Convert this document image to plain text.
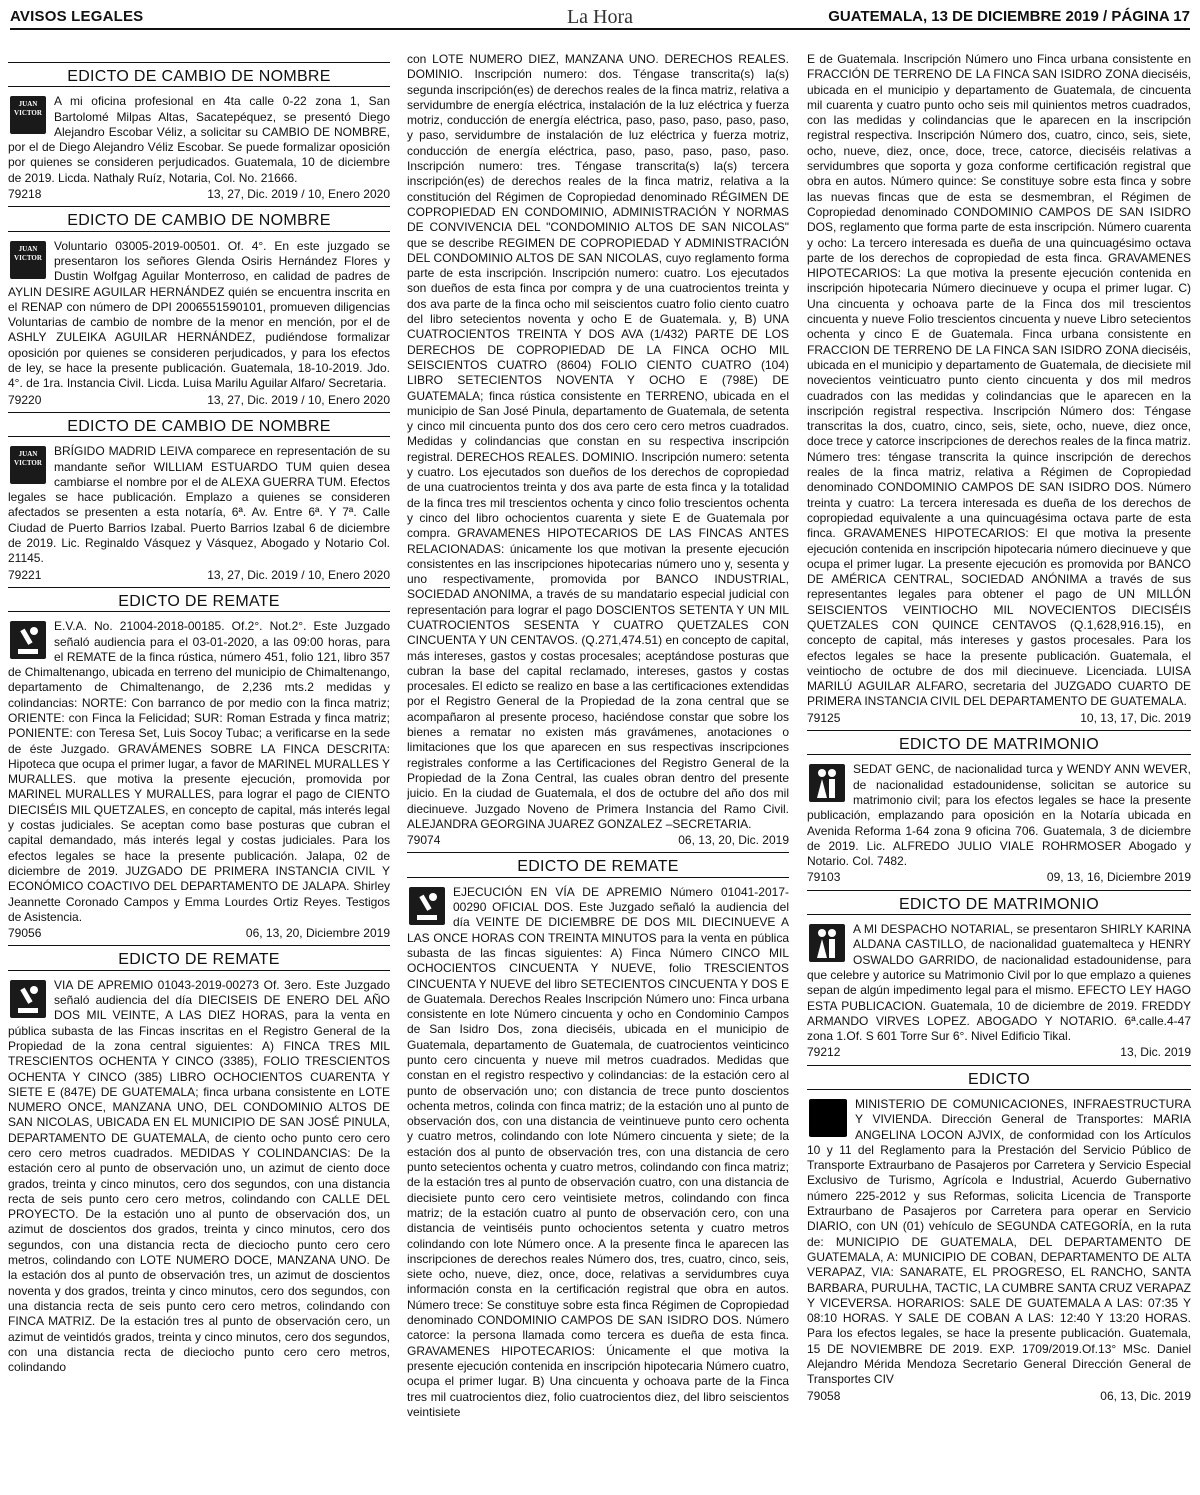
AVISOS LEGALES	La Hora	GUATEMALA, 13 DE DICIEMBRE 2019 / PÁGINA 17
EDICTO DE CAMBIO DE NOMBRE
JUAN
VICTOR

A mi oficina profesional en 4ta calle 0-22 zona 1, San Bartolomé Milpas Altas, Sacatepéquez, se presentó Diego Alejandro Escobar Véliz, a solicitar su CAMBIO DE NOMBRE, por el de Diego Alejandro Véliz Escobar. Se puede formalizar oposición por quienes se consideren perjudicados. Guatemala, 10 de diciembre de 2019. Licda. Nathaly Ruíz, Notaria, Col. No. 21666.

79218	13, 27, Dic. 2019 / 10, Enero 2020
EDICTO DE CAMBIO DE NOMBRE
JUAN
VICTOR

Voluntario 03005-2019-00501. Of. 4°. En este juzgado se presentaron los señores Glenda Osiris Hernández Flores y Dustin Wolfgag Aguilar Monterroso, en calidad de padres de AYLIN DESIRE AGUILAR HERNÁNDEZ quién se encuentra inscrita en el RENAP con número de DPI 2006551590101, promueven diligencias Voluntarias de cambio de nombre de la menor en mención, por el de ASHLY ZULEIKA AGUILAR HERNÁNDEZ, pudiéndose formalizar oposición por quienes se consideren perjudicados, y para los efectos de ley, se hace la presente publicación. Guatemala, 18-10-2019. Jdo. 4°. de 1ra. Instancia Civil. Licda. Luisa Marilu Aguilar Alfaro/ Secretaria.

79220	13, 27, Dic. 2019 / 10, Enero 2020
EDICTO DE CAMBIO DE NOMBRE
JUAN
VICTOR

BRÍGIDO MADRID LEIVA comparece en representación de su mandante señor WILLIAM ESTUARDO TUM quien desea cambiarse el nombre por el de ALEXA GUERRA TUM. Efectos legales se hace publicación. Emplazo a quienes se consideren afectados se presenten a esta notaría, 6ª. Av. Entre 6ª. Y 7ª. Calle Ciudad de Puerto Barrios Izabal. Puerto Barrios Izabal 6 de diciembre de 2019. Lic. Reginaldo Vásquez y Vásquez, Abogado y Notario Col. 21145.

79221	13, 27, Dic. 2019 / 10, Enero 2020
EDICTO DE REMATE

E.V.A. No. 21004-2018-00185. Of.2°. Not.2°. Este Juzgado señaló audiencia para el 03-01-2020, a las 09:00 horas, para el REMATE de la finca rústica, número 451, folio 121, libro 357 de Chimaltenango, ubicada en terreno del municipio de Chimaltenango, departamento de Chimaltenango, de 2,236 mts.2 medidas y colindancias: NORTE: Con barranco de por medio con la finca matriz; ORIENTE: con Finca la Felicidad; SUR: Roman Estrada y finca matriz; PONIENTE: con Teresa Set, Luis Socoy Tubac; a verificarse en la sede de éste Juzgado. GRAVÁMENES SOBRE LA FINCA DESCRITA: Hipoteca que ocupa el primer lugar, a favor de MARINEL MURALLES Y MURALLES. que motiva la presente ejecución, promovida por MARINEL MURALLES Y MURALLES, para lograr el pago de CIENTO DIECISÉIS MIL QUETZALES, en concepto de capital, más interés legal y costas judiciales. Se aceptan como base posturas que cubran el capital demandado, más interés legal y costas judiciales. Para los efectos legales se hace la presente publicación. Jalapa, 02 de diciembre de 2019. JUZGADO DE PRIMERA INSTANCIA CIVIL Y ECONÓMICO COACTIVO DEL DEPARTAMENTO DE JALAPA. Shirley Jeannette Coronado Campos y Emma Lourdes Ortiz Reyes. Testigos de Asistencia.

79056	06, 13, 20, Diciembre 2019
EDICTO DE REMATE

VIA DE APREMIO 01043-2019-00273 Of. 3ero. Este Juzgado señaló audiencia del día DIECISEIS DE ENERO DEL AÑO DOS MIL VEINTE, A LAS DIEZ HORAS, para la venta en pública subasta de las Fincas inscritas en el Registro General de la Propiedad de la zona central siguientes: A) FINCA TRES MIL TRESCIENTOS OCHENTA Y CINCO (3385), FOLIO TRESCIENTOS OCHENTA Y CINCO (385) LIBRO OCHOCIENTOS CUARENTA Y SIETE E (847E) DE GUATEMALA; finca urbana consistente en LOTE NUMERO ONCE, MANZANA UNO, DEL CONDOMINIO ALTOS DE SAN NICOLAS, UBICADA EN EL MUNICIPIO DE SAN JOSÉ PINULA, DEPARTAMENTO DE GUATEMALA, de ciento ocho punto cero cero cero cero metros cuadrados. MEDIDAS Y COLINDANCIAS: De la estación cero al punto de observación uno, un azimut de ciento doce grados, treinta y cinco minutos, cero dos segundos, con una distancia recta de seis punto cero cero metros, colindando con CALLE DEL PROYECTO. De la estación uno al punto de observación dos, un azimut de doscientos dos grados, treinta y cinco minutos, cero dos segundos, con una distancia recta de dieciocho punto cero cero metros, colindando con LOTE NUMERO DOCE, MANZANA UNO. De la estación dos al punto de observación tres, un azimut de doscientos noventa y dos grados, treinta y cinco minutos, cero dos segundos, con una distancia recta de seis punto cero cero metros, colindando con FINCA MATRIZ. De la estación tres al punto de observación cero, un azimut de veintidós grados, treinta y cinco minutos, cero dos segundos, con una distancia recta de dieciocho punto cero cero metros, colindando

con LOTE NUMERO DIEZ, MANZANA UNO. DERECHOS REALES. DOMINIO. Inscripción numero: dos. Téngase transcrita(s) la(s) segunda inscripción(es) de derechos reales de la finca matriz, relativa a servidumbre de energía eléctrica, instalación de la luz eléctrica y fuerza motriz, conducción de energía eléctrica, paso, paso, paso, paso, paso, y paso, servidumbre de instalación de luz eléctrica y fuerza motriz, conducción de energía eléctrica, paso, paso, paso, paso, paso. Inscripción numero: tres. Téngase transcrita(s) la(s) tercera inscripción(es) de derechos reales de la finca matriz, relativa a la constitución del Régimen de Copropiedad denominado RÉGIMEN DE COPROPIEDAD EN CONDOMINIO, ADMINISTRACIÓN Y NORMAS DE CONVIVENCIA DEL "CONDOMINIO ALTOS DE SAN NICOLAS" que se describe REGIMEN DE COPROPIEDAD Y ADMINISTRACIÓN DEL CONDOMINIO ALTOS DE SAN NICOLAS, cuyo reglamento forma parte de esta inscripción. Inscripción numero: cuatro. Los ejecutados son dueños de esta finca por compra y de una cuatrocientos treinta y dos ava parte de la finca ocho mil seiscientos cuatro folio ciento cuatro del libro setecientos noventa y ocho E de Guatemala. y, B) UNA CUATROCIENTOS TREINTA Y DOS AVA (1/432) PARTE DE LOS DERECHOS DE COPROPIEDAD DE LA FINCA OCHO MIL SEISCIENTOS CUATRO (8604) FOLIO CIENTO CUATRO (104) LIBRO SETECIENTOS NOVENTA Y OCHO E (798E) DE GUATEMALA; finca rústica consistente en TERRENO, ubicada en el municipio de San José Pinula, departamento de Guatemala, de setenta y cinco mil cincuenta punto dos dos cero cero cero metros cuadrados. Medidas y colindancias que constan en su respectiva inscripción registral. DERECHOS REALES. DOMINIO. Inscripción numero: setenta y cuatro. Los ejecutados son dueños de los derechos de copropiedad de una cuatrocientos treinta y dos ava parte de esta finca y la totalidad de la finca tres mil trescientos ochenta y cinco folio trescientos ochenta y cinco del libro ochocientos cuarenta y siete E de Guatemala por compra. GRAVAMENES HIPOTECARIOS DE LAS FINCAS ANTES RELACIONADAS: únicamente los que motivan la presente ejecución consistentes en las inscripciones hipotecarias número uno y, sesenta y uno respectivamente, promovida por BANCO INDUSTRIAL, SOCIEDAD ANONIMA, a través de su mandatario especial judicial con representación para lograr el pago DOSCIENTOS SETENTA Y UN MIL CUATROCIENTOS SESENTA Y CUATRO QUETZALES CON CINCUENTA Y UN CENTAVOS. (Q.271,474.51) en concepto de capital, más intereses, gastos y costas procesales; aceptándose posturas que cubran la base del capital reclamado, intereses, gastos y costas procesales. El edicto se realizo en base a las certificaciones extendidas por el Registro General de la Propiedad de la zona central que se acompañaron al presente proceso, haciéndose constar que sobre los bienes a rematar no existen más gravámenes, anotaciones o limitaciones que los que aparecen en sus respectivas inscripciones registrales conforme a las Certificaciones del Registro General de la Propiedad de la Zona Central, las cuales obran dentro del presente juicio. En la ciudad de Guatemala, el dos de octubre del año dos mil diecinueve. Juzgado Noveno de Primera Instancia del Ramo Civil. ALEJANDRA GEORGINA JUAREZ GONZALEZ –SECRETARIA.

79074	06, 13, 20, Dic. 2019
EDICTO DE REMATE

EJECUCIÓN EN VÍA DE APREMIO Número 01041-2017-00290 OFICIAL DOS. Este Juzgado señaló la audiencia del día VEINTE DE DICIEMBRE DE DOS MIL DIECINUEVE A LAS ONCE HORAS CON TREINTA MINUTOS para la venta en pública subasta de las fincas siguientes: A) Finca Número CINCO MIL OCHOCIENTOS CINCUENTA Y NUEVE, folio TRESCIENTOS CINCUENTA Y NUEVE del libro SETECIENTOS CINCUENTA Y DOS E de Guatemala. Derechos Reales Inscripción Número uno: Finca urbana consistente en lote Número cincuenta y ocho en Condominio Campos de San Isidro Dos, zona dieciséis, ubicada en el municipio de Guatemala, departamento de Guatemala, de cuatrocientos veinticinco punto cero cincuenta y nueve mil metros cuadrados. Medidas que constan en el registro respectivo y colindancias: de la estación cero al punto de observación uno; con distancia de trece punto doscientos ochenta metros, colinda con finca matriz; de la estación uno al punto de observación dos, con una distancia de veintinueve punto cero ochenta y cuatro metros, colindando con lote Número cincuenta y siete; de la estación dos al punto de observación tres, con una distancia de cero punto setecientos ochenta y cuatro metros, colindando con finca matriz; de la estación tres al punto de observación cuatro, con una distancia de diecisiete punto cero cero veintisiete metros, colindando con finca matriz; de la estación cuatro al punto de observación cero, con una distancia de veintiséis punto ochocientos setenta y cuatro metros colindando con lote Número once. A la presente finca le aparecen las inscripciones de derechos reales Número dos, tres, cuatro, cinco, seis, siete ocho, nueve, diez, once, doce, relativas a servidumbres cuya información consta en la certificación registral que obra en autos. Número trece: Se constituye sobre esta finca Régimen de Copropiedad denominado CONDOMINIO CAMPOS DE SAN ISIDRO DOS. Número catorce: la persona llamada como tercera es dueña de esta finca. GRAVAMENES HIPOTECARIOS: Únicamente el que motiva la presente ejecución contenida en inscripción hipotecaria Número cuatro, ocupa el primer lugar. B) Una cincuenta y ochoava parte de la Finca tres mil cuatrocientos diez, folio cuatrocientos diez, del libro seiscientos veintisiete

E de Guatemala. Inscripción Número uno Finca urbana consistente en FRACCIÓN DE TERRENO DE LA FINCA SAN ISIDRO ZONA dieciséis, ubicada en el municipio y departamento de Guatemala, de cincuenta mil cuarenta y cuatro punto ocho seis mil quinientos metros cuadrados, con las medidas y colindancias que le aparecen en la inscripción registral respectiva. Inscripción Número dos, cuatro, cinco, seis, siete, ocho, nueve, diez, once, doce, trece, catorce, dieciséis relativas a servidumbres que soporta y goza conforme certificación registral que obra en autos. Número quince: Se constituye sobre esta finca y sobre las nuevas fincas que de esta se desmembran, el Régimen de Copropiedad denominado CONDOMINIO CAMPOS DE SAN ISIDRO DOS, reglamento que forma parte de esta inscripción. Número cuarenta y ocho: La tercero interesada es dueña de una quincuagésimo octava parte de los derechos de copropiedad de esta finca. GRAVAMENES HIPOTECARIOS: La que motiva la presente ejecución contenida en inscripción hipotecaria Número diecinueve y ocupa el primer lugar. C) Una cincuenta y ochoava parte de la Finca dos mil trescientos cincuenta y nueve Folio trescientos cincuenta y nueve Libro setecientos ochenta y cinco E de Guatemala. Finca urbana consistente en FRACCION DE TERRENO DE LA FINCA SAN ISIDRO ZONA dieciséis, ubicada en el municipio y departamento de Guatemala, de diecisiete mil novecientos veinticuatro punto ciento cincuenta y dos mil medros cuadrados con las medidas y colindancias que le aparecen en la inscripción registral respectiva. Inscripción Número dos: Téngase transcritas la dos, cuatro, cinco, seis, siete, ocho, nueve, diez once, doce trece y catorce inscripciones de derechos reales de la finca matriz. Número tres: téngase transcrita la quince inscripción de derechos reales de la finca matriz, relativa a Régimen de Copropiedad denominado CONDOMINIO CAMPOS DE SAN ISIDRO DOS. Número treinta y cuatro: La tercera interesada es dueña de los derechos de copropiedad equivalente a una quincuagésima octava parte de esta finca. GRAVAMENES HIPOTECARIOS: El que motiva la presente ejecución contenida en inscripción hipotecaria número diecinueve y que ocupa el primer lugar. La presente ejecución es promovida por BANCO DE AMÉRICA CENTRAL, SOCIEDAD ANÓNIMA a través de sus representantes legales para obtener el pago de UN MILLÓN SEISCIENTOS VEINTIOCHO MIL NOVECIENTOS DIECISÉIS QUETZALES CON QUINCE CENTAVOS (Q.1,628,916.15), en concepto de capital, más intereses y gastos procesales. Para los efectos legales se hace la presente publicación. Guatemala, el veintiocho de octubre de dos mil diecinueve. Licenciada. LUISA MARILÚ AGUILAR ALFARO, secretaria del JUZGADO CUARTO DE PRIMERA INSTANCIA CIVIL DEL DEPARTAMENTO DE GUATEMALA.

79125	10, 13, 17, Dic. 2019
EDICTO DE MATRIMONIO

SEDAT GENC, de nacionalidad turca y WENDY ANN WEVER, de nacionalidad estadounidense, solicitan se autorice su matrimonio civil; para los efectos legales se hace la presente publicación, emplazando para oposición en la Notaría ubicada en Avenida Reforma 1-64 zona 9 oficina 706. Guatemala, 3 de diciembre de 2019. Lic. ALFREDO JULIO VIALE ROHRMOSER Abogado y Notario. Col. 7482.

79103	09, 13, 16, Diciembre 2019
EDICTO DE MATRIMONIO

A MI DESPACHO NOTARIAL, se presentaron SHIRLY KARINA ALDANA CASTILLO, de nacionalidad guatemalteca y HENRY OSWALDO GARRIDO, de nacionalidad estadounidense, para que celebre y autorice su Matrimonio Civil por lo que emplazo a quienes sepan de algún impedimento legal para el mismo. EFECTO LEY HAGO ESTA PUBLICACION. Guatemala, 10 de diciembre de 2019. FREDDY ARMANDO VIRVES LOPEZ. ABOGADO Y NOTARIO. 6ª.calle.4-47 zona 1.Of. S 601 Torre Sur 6°. Nivel Edificio Tikal.

79212	13, Dic. 2019
EDICTO

MINISTERIO DE COMUNICACIONES, INFRAESTRUCTURA Y VIVIENDA. Dirección General de Transportes: MARIA ANGELINA LOCON AJVIX, de conformidad con los Artículos 10 y 11 del Reglamento para la Prestación del Servicio Público de Transporte Extraurbano de Pasajeros por Carretera y Servicio Especial Exclusivo de Turismo, Agrícola e Industrial, Acuerdo Gubernativo número 225-2012 y sus Reformas, solicita Licencia de Transporte Extraurbano de Pasajeros por Carretera para operar en Servicio DIARIO, con UN (01) vehículo de SEGUNDA CATEGORÍA, en la ruta de: MUNICIPIO DE GUATEMALA, DEL DEPARTAMENTO DE GUATEMALA, A: MUNICIPIO DE COBAN, DEPARTAMENTO DE ALTA VERAPAZ, VIA: SANARATE, EL PROGRESO, EL RANCHO, SANTA BARBARA, PURULHA, TACTIC, LA CUMBRE SANTA CRUZ VERAPAZ Y VICEVERSA. HORARIOS: SALE DE GUATEMALA A LAS: 07:35 Y 08:10 HORAS. Y SALE DE COBAN A LAS: 12:40 Y 13:20 HORAS. Para los efectos legales, se hace la presente publicación. Guatemala, 15 DE NOVIEMBRE DE 2019. EXP. 1709/2019.Of.13° MSc. Daniel Alejandro Mérida Mendoza Secretario General Dirección General de Transportes CIV

79058	06, 13, Dic. 2019
